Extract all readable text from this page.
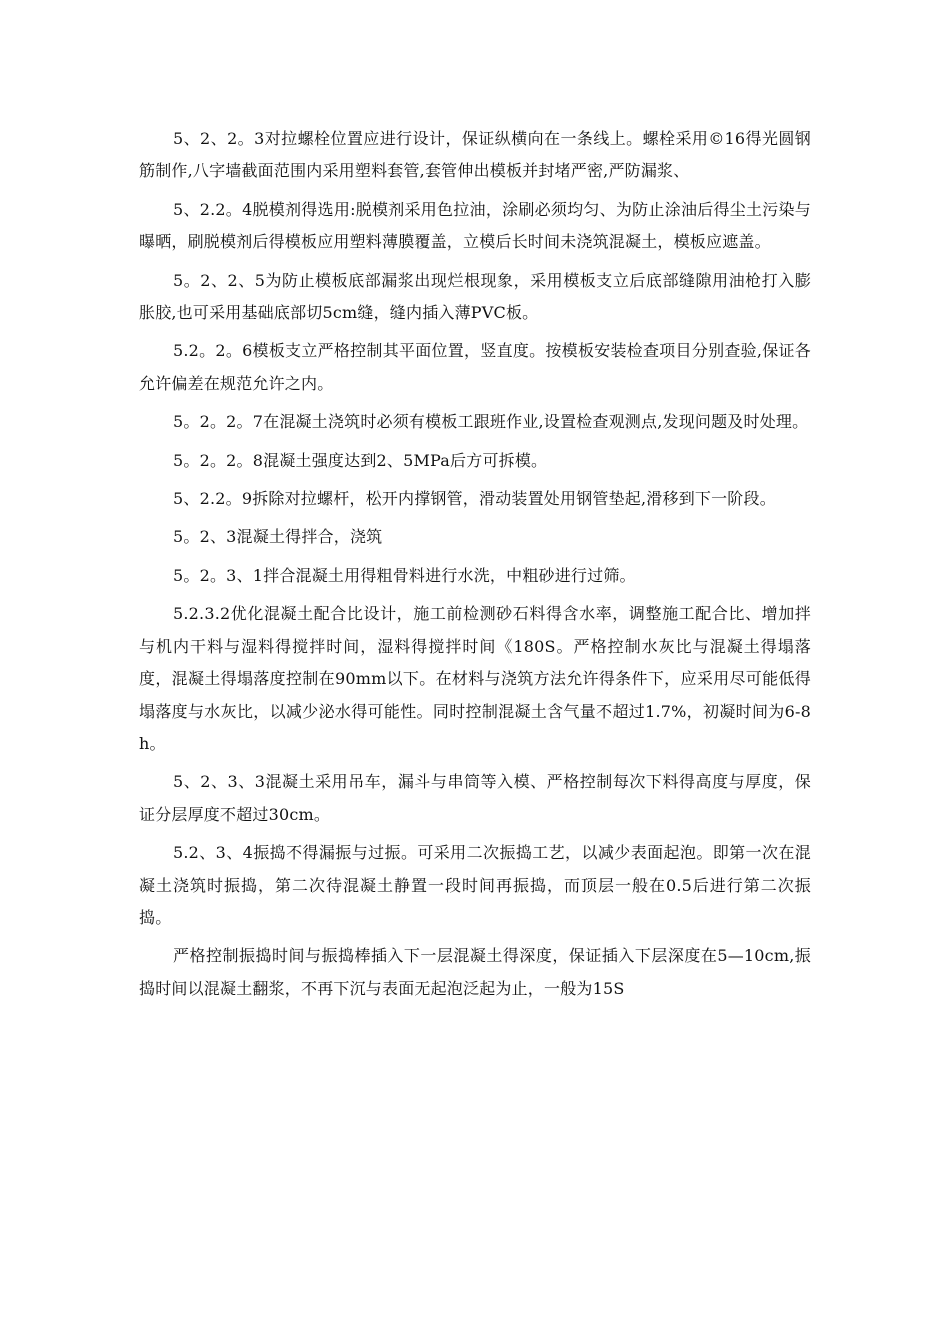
5、2、2。3对拉螺栓位置应进行设计，保证纵横向在一条线上。螺栓采用©16得光圆钢筋制作,八字墙截面范围内采用塑料套管,套管伸出模板并封堵严密,严防漏浆、

5、2.2。4脱模剂得选用:脱模剂采用色拉油，涂刷必须均匀、为防止涂油后得尘土污染与曝晒，刷脱模剂后得模板应用塑料薄膜覆盖，立模后长时间未浇筑混凝土，模板应遮盖。

5。2、2、5为防止模板底部漏浆出现烂根现象，采用模板支立后底部缝隙用油枪打入膨胀胶,也可采用基础底部切5cm缝，缝内插入薄PVC板。

5.2。2。6模板支立严格控制其平面位置，竖直度。按模板安装检查项目分别查验,保证各允许偏差在规范允许之内。

5。2。2。7在混凝土浇筑时必须有模板工跟班作业,设置检查观测点,发现问题及时处理。

5。2。2。8混凝土强度达到2、5MPa后方可拆模。

5、2.2。9拆除对拉螺杆，松开内撑钢管，滑动装置处用钢管垫起,滑移到下一阶段。

5。2、3混凝土得拌合，浇筑

5。2。3、1拌合混凝土用得粗骨料进行水洗，中粗砂进行过筛。

5.2.3.2优化混凝土配合比设计，施工前检测砂石料得含水率，调整施工配合比、增加拌与机内干料与湿料得搅拌时间，湿料得搅拌时间《180S。严格控制水灰比与混凝土得塌落度，混凝土得塌落度控制在90mm以下。在材料与浇筑方法允许得条件下，应采用尽可能低得塌落度与水灰比，以减少泌水得可能性。同时控制混凝土含气量不超过1.7%，初凝时间为6-8h。

5、2、3、3混凝土采用吊车，漏斗与串筒等入模、严格控制每次下料得高度与厚度，保证分层厚度不超过30cm。

5.2、3、4振捣不得漏振与过振。可采用二次振捣工艺，以减少表面起泡。即第一次在混凝土浇筑时振捣，第二次待混凝土静置一段时间再振捣，而顶层一般在0.5后进行第二次振捣。

严格控制振捣时间与振捣棒插入下一层混凝土得深度，保证插入下层深度在5—10cm,振捣时间以混凝土翻浆，不再下沉与表面无起泡泛起为止，一般为15S
